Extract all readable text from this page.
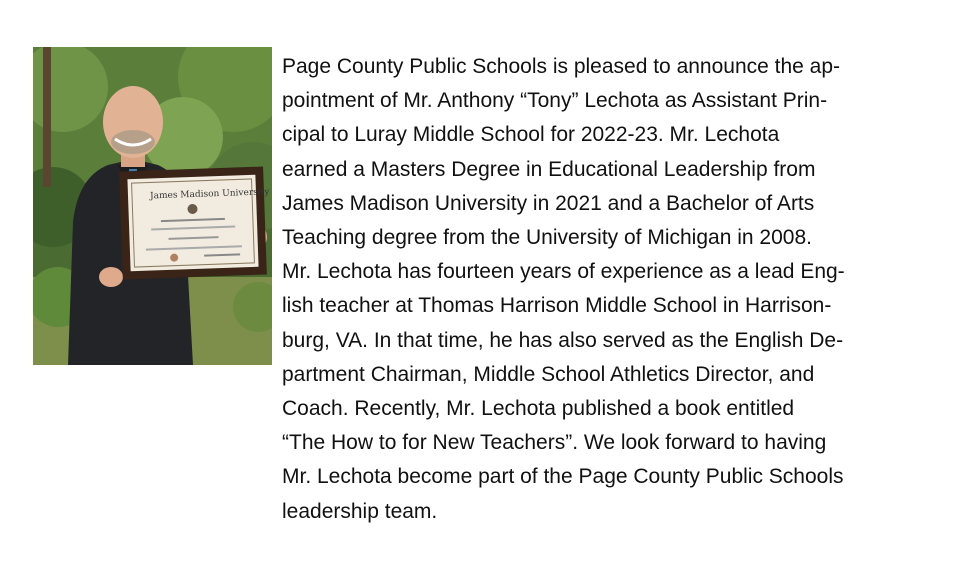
James Madison University
Page County Public Schools is pleased to announce the ap-
pointment of Mr. Anthony “Tony” Lechota as Assistant Prin-
cipal to Luray Middle School for 2022-23. Mr. Lechota
earned a Masters Degree in Educational Leadership from
James Madison University in 2021 and a Bachelor of Arts
Teaching degree from the University of Michigan in 2008.
Mr. Lechota has fourteen years of experience as a lead Eng-
lish teacher at Thomas Harrison Middle School in Harrison-
burg, VA. In that time, he has also served as the English De-
partment Chairman, Middle School Athletics Director, and
Coach. Recently, Mr. Lechota published a book entitled
“The How to for New Teachers”. We look forward to having
Mr. Lechota become part of the Page County Public Schools
leadership team.
